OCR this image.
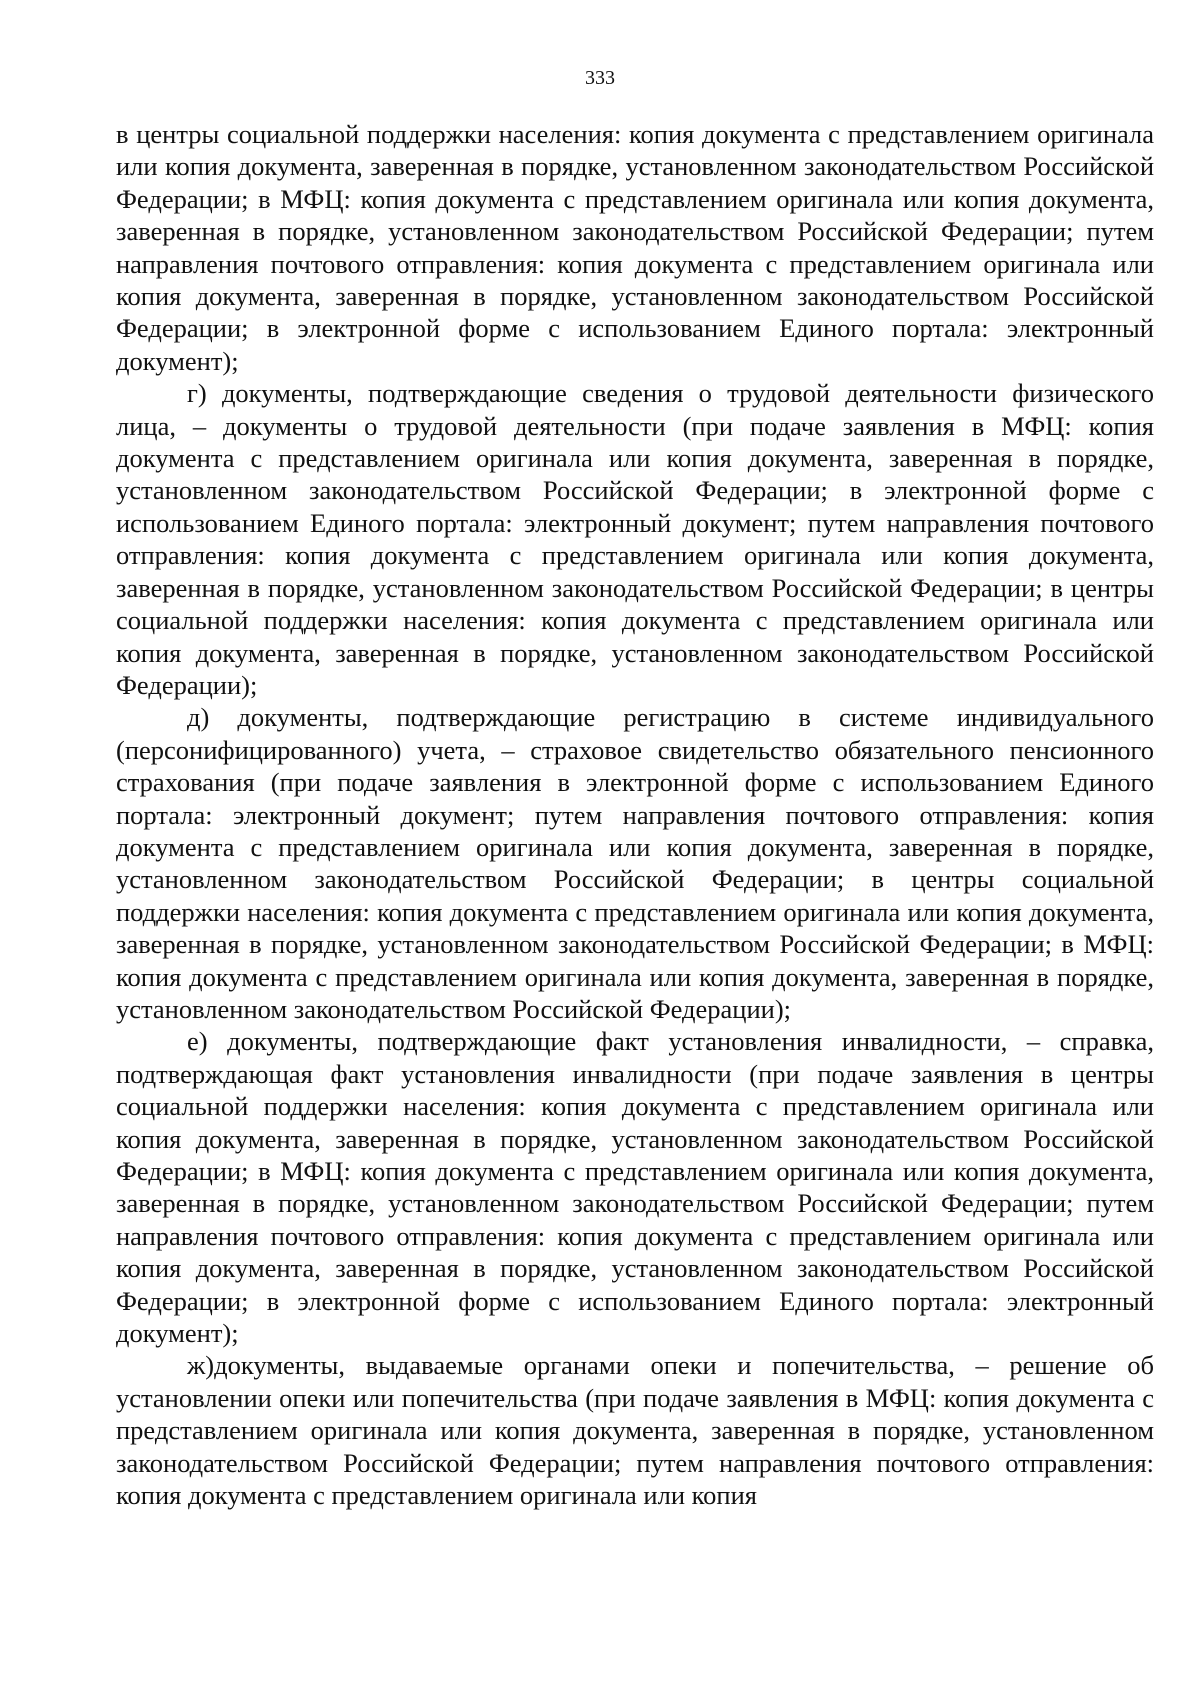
333

в центры социальной поддержки населения: копия документа с представлением оригинала или копия документа, заверенная в порядке, установленном законодательством Российской Федерации; в МФЦ: копия документа с представлением оригинала или копия документа, заверенная в порядке, установленном законодательством Российской Федерации; путем направления почтового отправления: копия документа с представлением оригинала или копия документа, заверенная в порядке, установленном законодательством Российской Федерации; в электронной форме с использованием Единого портала: электронный документ);

г) документы, подтверждающие сведения о трудовой деятельности физического лица, – документы о трудовой деятельности (при подаче заявления в МФЦ: копия документа с представлением оригинала или копия документа, заверенная в порядке, установленном законодательством Российской Федерации; в электронной форме с использованием Единого портала: электронный документ; путем направления почтового отправления: копия документа с представлением оригинала или копия документа, заверенная в порядке, установленном законодательством Российской Федерации; в центры социальной поддержки населения: копия документа с представлением оригинала или копия документа, заверенная в порядке, установленном законодательством Российской Федерации);

д) документы, подтверждающие регистрацию в системе индивидуального (персонифицированного) учета, – страховое свидетельство обязательного пенсионного страхования (при подаче заявления в электронной форме с использованием Единого портала: электронный документ; путем направления почтового отправления: копия документа с представлением оригинала или копия документа, заверенная в порядке, установленном законодательством Российской Федерации; в центры социальной поддержки населения: копия документа с представлением оригинала или копия документа, заверенная в порядке, установленном законодательством Российской Федерации; в МФЦ: копия документа с представлением оригинала или копия документа, заверенная в порядке, установленном законодательством Российской Федерации);

е) документы, подтверждающие факт установления инвалидности, – справка, подтверждающая факт установления инвалидности (при подаче заявления в центры социальной поддержки населения: копия документа с представлением оригинала или копия документа, заверенная в порядке, установленном законодательством Российской Федерации; в МФЦ: копия документа с представлением оригинала или копия документа, заверенная в порядке, установленном законодательством Российской Федерации; путем направления почтового отправления: копия документа с представлением оригинала или копия документа, заверенная в порядке, установленном законодательством Российской Федерации; в электронной форме с использованием Единого портала: электронный документ);

ж)документы, выдаваемые органами опеки и попечительства, – решение об установлении опеки или попечительства (при подаче заявления в МФЦ: копия документа с представлением оригинала или копия документа, заверенная в порядке, установленном законодательством Российской Федерации; путем направления почтового отправления: копия документа с представлением оригинала или копия
